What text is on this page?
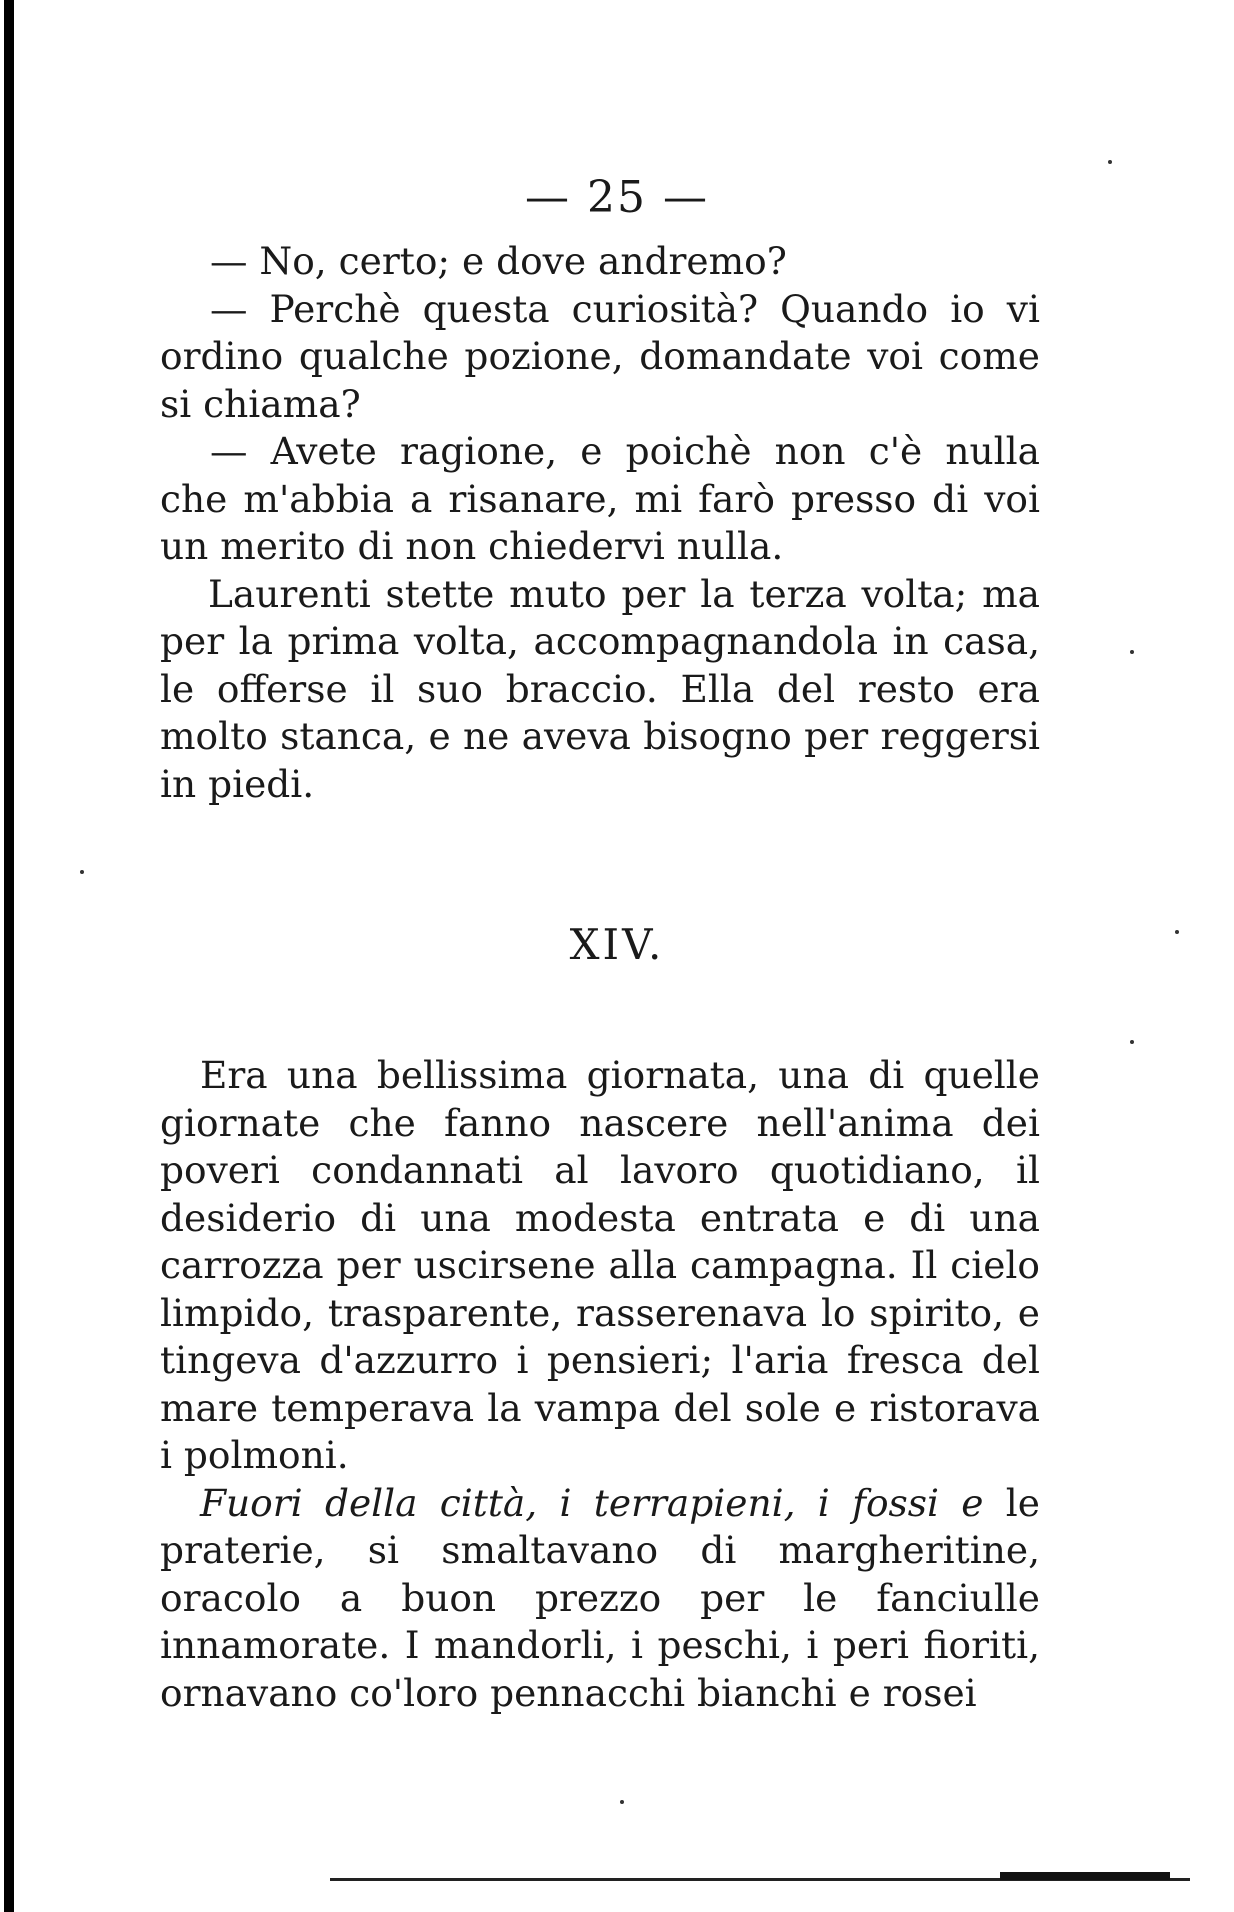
— 25 —

— No, certo; e dove andremo?

— Perchè questa curiosità? Quando io vi ordino qualche pozione, domandate voi come si chiama?

— Avete ragione, e poichè non c'è nulla che m'abbia a risanare, mi farò presso di voi un merito di non chiedervi nulla.

Laurenti stette muto per la terza volta; ma per la prima volta, accompagnandola in casa, le offerse il suo braccio. Ella del resto era molto stanca, e ne aveva bisogno per reggersi in piedi.

XIV.

Era una bellissima giornata, una di quelle giornate che fanno nascere nell'anima dei poveri condannati al lavoro quotidiano, il desiderio di una modesta entrata e di una carrozza per uscirsene alla campagna. Il cielo limpido, trasparente, rasserenava lo spirito, e tingeva d'azzurro i pensieri; l'aria fresca del mare temperava la vampa del sole e ristorava i polmoni.

Fuori della città, i terrapieni, i fossi e le praterie, si smaltavano di margheritine, oracolo a buon prezzo per le fanciulle innamorate. I mandorli, i peschi, i peri fioriti, ornavano co'loro pennacchi bianchi e rosei
